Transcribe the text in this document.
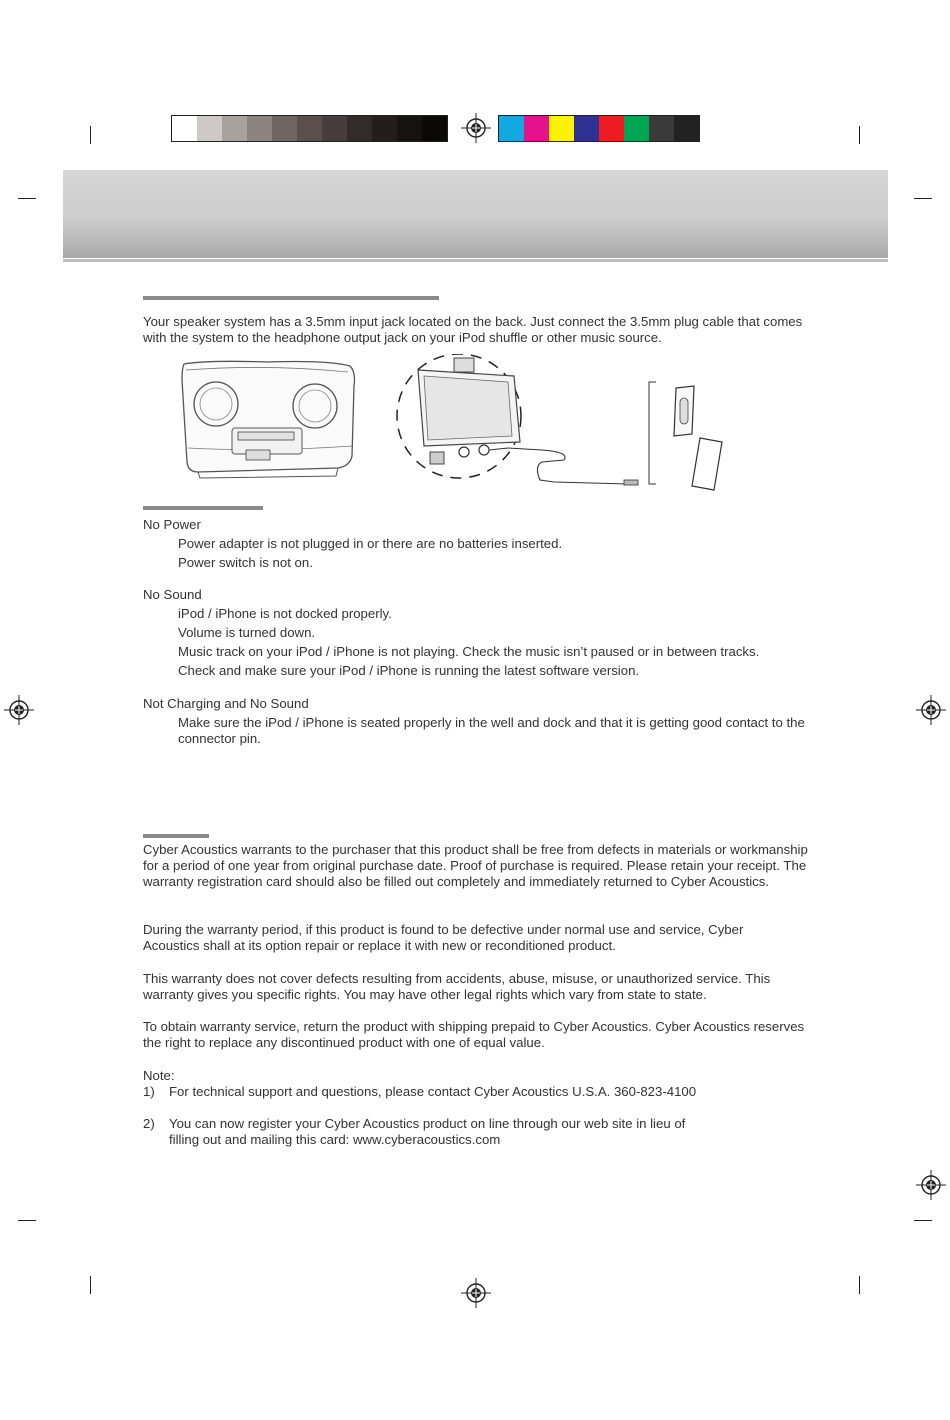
Your speaker system has a 3.5mm input jack located on the back. Just connect the 3.5mm plug cable that comes with the system to the headphone output jack on your iPod shuffle or other music source.
No Power
Power adapter is not plugged in or there are no batteries inserted.
Power switch is not on.
No Sound
iPod / iPhone is not docked properly.
Volume is turned down.
Music track on your iPod / iPhone is not playing. Check the music isn’t paused or in between tracks.
Check and make sure your iPod / iPhone is running the latest software version.
Not Charging and No Sound
Make sure the iPod / iPhone is seated properly in the well and dock and that it is getting good contact to the connector pin.
Cyber Acoustics warrants to the purchaser that this product shall be free from defects in materials or workmanship for a period of one year from original purchase date. Proof of purchase is required. Please retain your receipt. The warranty registration card should also be filled out completely and immediately returned to Cyber Acoustics.
During the warranty period, if this product is found to be defective under normal use and service, Cyber Acoustics shall at its option repair or replace it with new or reconditioned product.
This warranty does not cover defects resulting from accidents, abuse, misuse, or unauthorized service. This warranty gives you specific rights. You may have other legal rights which vary from state to state.
To obtain warranty service, return the product with shipping prepaid to Cyber Acoustics. Cyber Acoustics reserves the right to replace any discontinued product with one of equal value.
Note:
1) For technical support and questions, please contact Cyber Acoustics U.S.A. 360-823-4100
2) You can now register your Cyber Acoustics product on line through our web site in lieu of filling out and mailing this card: www.cyberacoustics.com
